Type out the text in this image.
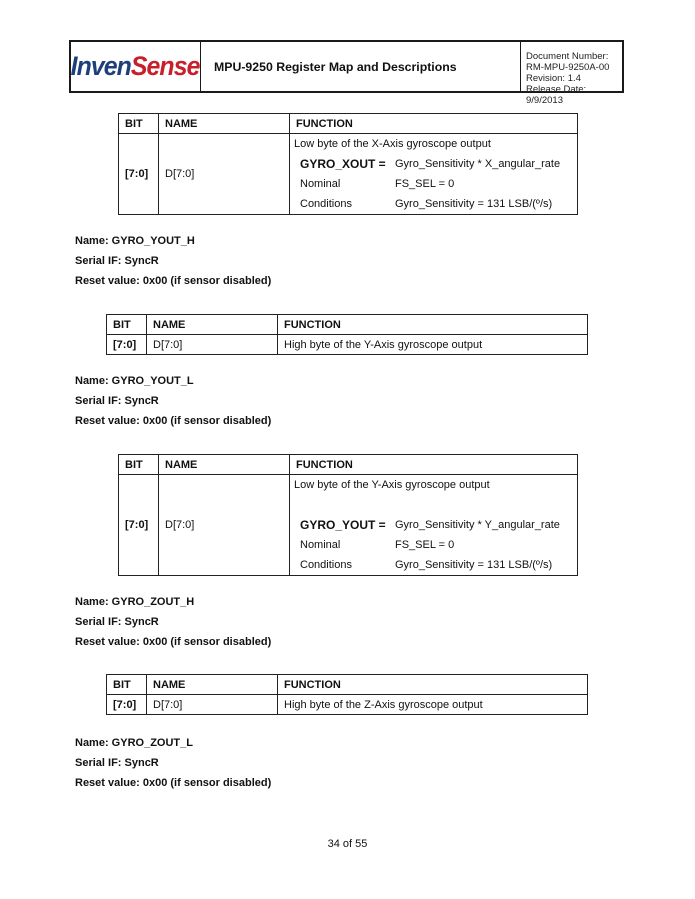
InvenSense	MPU-9250 Register Map and Descriptions
Document Number: RM-MPU-9250A-00
Revision: 1.4
Release Date: 9/9/2013
BIT	NAME	FUNCTION
[7:0]	D[7:0]	
Low byte of the X-Axis gyroscope output
GYRO_XOUT = Gyro_Sensitivity * X_angular_rate
Nominal	FS_SEL = 0
Conditions	Gyro_Sensitivity = 131 LSB/(º/s)
Name: GYRO_YOUT_H
Serial IF: SyncR
Reset value: 0x00 (if sensor disabled)
BIT	NAME	FUNCTION
[7:0]	D[7:0]	High byte of the Y-Axis gyroscope output
Name: GYRO_YOUT_L
Serial IF: SyncR
Reset value: 0x00 (if sensor disabled)
BIT	NAME	FUNCTION
[7:0]	D[7:0]	
Low byte of the Y-Axis gyroscope output
GYRO_YOUT = Gyro_Sensitivity * Y_angular_rate
Nominal	FS_SEL = 0
Conditions	Gyro_Sensitivity = 131 LSB/(º/s)
Name: GYRO_ZOUT_H
Serial IF: SyncR
Reset value: 0x00 (if sensor disabled)
BIT	NAME	FUNCTION
[7:0]	D[7:0]	High byte of the Z-Axis gyroscope output
Name: GYRO_ZOUT_L
Serial IF: SyncR
Reset value: 0x00 (if sensor disabled)
34 of 55
